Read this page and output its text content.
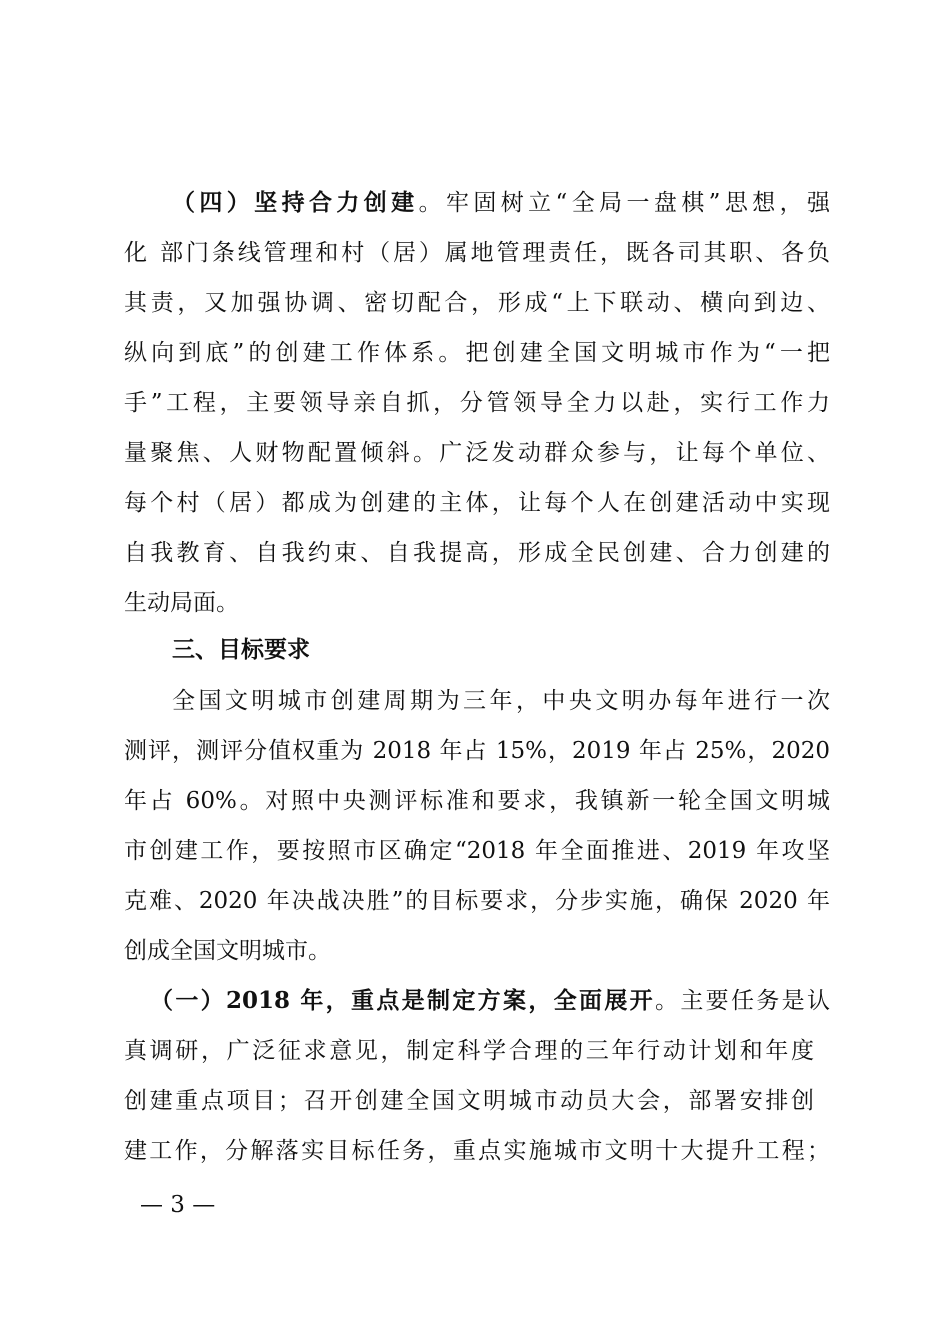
（四）坚持合力创建。牢固树立“全局一盘棋”思想，强
化 部门条线管理和村（居）属地管理责任，既各司其职、各负
其责，又加强协调、密切配合，形成“上下联动、横向到边、
纵向到底”的创建工作体系。把创建全国文明城市作为“一把
手”工程，主要领导亲自抓，分管领导全力以赴，实行工作力
量聚焦、人财物配置倾斜。广泛发动群众参与，让每个单位、
每个村（居）都成为创建的主体，让每个人在创建活动中实现
自我教育、自我约束、自我提高，形成全民创建、合力创建的
生动局面。
三、目标要求
全国文明城市创建周期为三年，中央文明办每年进行一次
测评，测评分值权重为 2018 年占 15%，2019 年占 25%，2020
年占 60%。对照中央测评标准和要求，我镇新一轮全国文明城
市创建工作，要按照市区确定“2018 年全面推进、2019 年攻坚
克难、2020 年决战决胜”的目标要求，分步实施，确保 2020 年
创成全国文明城市。
（一）2018 年，重点是制定方案，全面展开。主要任务是认
真调研，广泛征求意见，制定科学合理的三年行动计划和年度
创建重点项目；召开创建全国文明城市动员大会，部署安排创
建工作，分解落实目标任务，重点实施城市文明十大提升工程；
— 3 —
